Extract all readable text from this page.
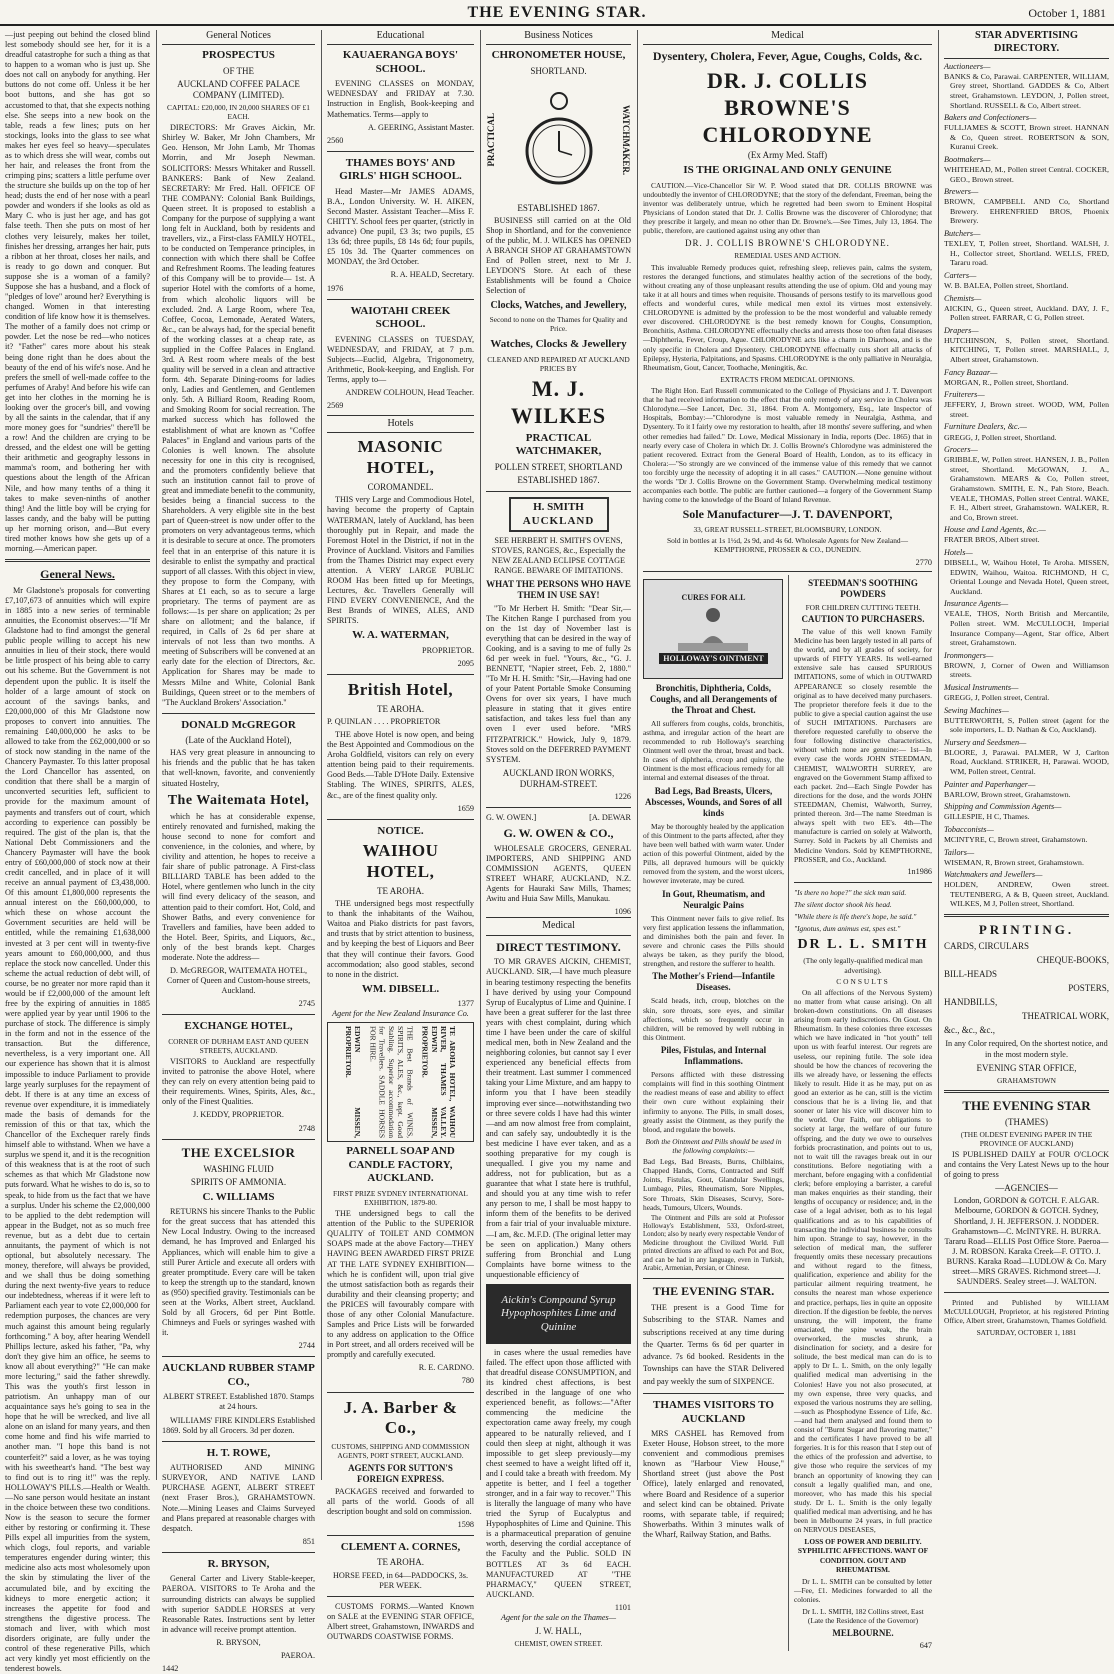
THE EVENING STAR.	October 1, 1881

—just peeping out behind the closed blind lest somebody should see her, for it is a dreadful catastrophe for such a thing as that to happen to a woman who is just up. She does not call on anybody for anything. Her buttons do not come off. Unless it be her boot buttons, and she has got so accustomed to that, that she expects nothing else. She seeps into a new book on the table, reads a few lines; puts on her stockings, looks into the glass to see what makes her eyes feel so heavy—speculates as to which dress she will wear, combs out her hair, and releases the front from the crimping pins; scatters a little perfume over the structure she builds up on the top of her head; dusts the end of her nose with a pearl powder and wonders if she looks as old as Mary C. who is just her age, and has got false teeth. Then she puts on most of her clothes very leisurely, makes her toilet, finishes her dressing, arranges her hair, puts a ribbon at her throat, closes her nails, and is ready to go down and conquer. But suppose she is a woman of a family? Suppose she has a husband, and a flock of "pledges of love" around her? Everything is changed. Women in that interesting condition of life know how it is themselves. The mother of a family does not crimp or powder. Let the nose be red—who notices it? "Father" cares more about his steak being done right than he does about the beauty of the end of his wife's nose. And he prefers the smell of well-made coffee to the perfumes of Araby! And before his wife can get into her clothes in the morning he is looking over the grocer's bill, and vowing by all the saints in the calendar, that if any more money goes for "sundries" there'll be a row! And the children are crying to be dressed, and the eldest one will be getting their arithmetic and geography lessons in mamma's room, and bothering her with questions about the length of the African Nile, and how many tenths of a thing it takes to make seven-ninths of another thing! And the little boy will be crying for lasses candy, and the baby will be putting up her morning orison, and—But every tired mother knows how she gets up of a morning.—American paper.

General News.

Mr Gladstone's proposals for converting £7,107,673 of annuities which will expire in 1885 into a new series of terminable annuities, the Economist observes:—"If Mr Gladstone had to find amongst the general public people willing to accept his new annuities in lieu of their stock, there would be little prospect of his being able to carry out his scheme. But the Government is not dependent upon the public. It is itself the holder of a large amount of stock on account of the savings banks, and £20,000,000 of this Mr Gladstone now proposes to convert into annuities. The remaining £40,000,000 he asks to be allowed to take from the £62,000,000 or so of stock now standing in the name of the Chancery Paymaster. To this latter proposal the Lord Chancellor has assented, on condition that there shall be a margin of unconverted securities left, sufficient to provide for the maximum amount of payments and transfers out of court, which according to experience can possibly be required. The gist of the plan is, that the National Debt Commissioners and the Chancery Paymaster will have the book entry of £60,000,000 of stock now at their credit cancelled, and in place of it will receive an annual payment of £3,438,000. Of this amount £1,800,000 represents the annual interest on the £60,000,000, to which these on whose account the Government securities are held will be entitled, while the remaining £1,638,000 invested at 3 per cent will in twenty-five years amount to £60,000,000, and thus replace the stock now cancelled. Under this scheme the actual reduction of debt will, of course, be no greater nor more rapid than it would be if £2,000,000 of the amount left free by the expiring of annuities in 1885 were applied year by year until 1906 to the purchase of stock. The difference is simply in the form and not in the essence of the transaction. But the difference, nevertheless, is a very important one. All our experience has shown that it is almost impossible to induce Parliament to provide large yearly surpluses for the repayment of debt. If there is at any time an excess of revenue over expenditure, it is immediately made the basis of demands for the remission of this or that tax, which the Chancellor of the Exchequer rarely finds himself able to withstand. When we have a surplus we spend it, and it is the recognition of this weakness that is at the root of such schemes as that which Mr Gladstone now puts forward. What he wishes to do is, so to speak, to hide from us the fact that we have a surplus. Under his scheme the £2,000,000 to be applied to the debt redemption will appear in the Budget, not as so much free revenue, but as a debt due to certain annuitants, the payment of which is not optional, but absolutely necessary. The money, therefore, will always be provided, and we shall thus be doing something during the next twenty-five years to reduce our indebtedness, whereas if it were left to Parliament each year to vote £2,000,000 for redemption purposes, the chances are very much against this amount being regularly forthcoming." A boy, after hearing Wendell Phillips lecture, asked his father, "Pa, why don't they give him an office, he seems to know all about everything?" "He can make more lecturing," said the father shrewdly. This was the youth's first lesson in patriotism. An unhappy man of our acquaintance says he's going to sea in the hope that he will be wrecked, and live all alone on an island for many years, and then come home and find his wife married to another man. "I hope this band is not counterfeit?" said a lover, as he was toying with his sweetheart's hand. "The best way to find out is to ring it!" was the reply. HOLLOWAY'S PILLS.—Health or Wealth.—No sane person would hesitate an instant in the choice between these two conditions. Now is the season to secure the former either by restoring or confirming it. These Pills expel all impurities from the system, which clogs, foul reports, and variable temperatures engender during winter; this medicine also acts most wholesomely upon the skin by stimulating the liver of the accumulated bile, and by exciting the kidneys to more energetic action; it increases the appetite for food and strengthens the digestive process. The stomach and liver, with which most disorders originate, are fully under the control of these regenerative Pills, which act very kindly yet most efficiently on the tenderest bowels.

General Notices
PROSPECTUS
OF THE
AUCKLAND COFFEE PALACE COMPANY (LIMITED).
CAPITAL: £20,000, IN 20,000 SHARES OF £1 EACH.

DIRECTORS: Mr Graves Aickin, Mr. Shirley W. Baker, Mr John Chambers, Mr Geo. Henson, Mr John Lamb, Mr Thomas Morrin, and Mr Joseph Newman. SOLICITORS: Messrs Whitaker and Russell. BANKERS: Bank of New Zealand. SECRETARY: Mr Fred. Hall. OFFICE OF THE COMPANY: Colonial Bank Buildings, Queen street. It is proposed to establish a Company for the purpose of supplying a want long felt in Auckland, both by residents and travellers, viz., a First-class FAMILY HOTEL, to be conducted on Temperance principles, in connection with which there shall be Coffee and Refreshment Rooms. The leading features of this Company will be to provide— 1st. A superior Hotel with the comforts of a home, from which alcoholic liquors will be excluded. 2nd. A Large Room, where Tea, Coffee, Cocoa, Lemonade, Aerated Waters, &c., can be always had, for the special benefit of the working classes at a cheap rate, as supplied in the Coffee Palaces in England. 3rd. A Rest room where meals of the best quality will be served in a clean and attractive form. 4th. Separate Dining-rooms for ladies only, Ladies and Gentlemen, and Gentlemen only. 5th. A Billiard Room, Reading Room, and Smoking Room for social recreation. The marked success which has followed the establishment of what are known as "Coffee Palaces" in England and various parts of the Colonies is well known. The absolute necessity for one in this city is recognised, and the promoters confidently believe that such an institution cannot fail to prove of great and immediate benefit to the community, besides being a financial success to the Shareholders. A very eligible site in the best part of Queen-street is now under offer to the promoters on very advantageous terms, which it is desirable to secure at once. The promoters feel that in an enterprise of this nature it is desirable to enlist the sympathy and practical support of all classes. With this object in view, they propose to form the Company, with Shares at £1 each, so as to secure a large proprietary. The terms of payment are as follows:—1s per share on application; 2s per share on allotment; and the balance, if required, in Calls of 2s 6d per share at intervals of not less than two months. A meeting of Subscribers will be convened at an early date for the election of Directors, &c. Application for Shares may be made to Messrs Milne and White, Colonial Bank Buildings, Queen street or to the members of "The Auckland Brokers' Association."

DONALD McGREGOR
(Late of the Auckland Hotel),

HAS very great pleasure in announcing to his friends and the public that he has taken that well-known, favorite, and conveniently situated Hostelry,

The Waitemata Hotel,

which he has at considerable expense, entirely renovated and furnished, making the house second to none for comfort and convenience, in the colonies, and where, by civility and attention, he hopes to receive a fair share of public patronage. A First-class BILLIARD TABLE has been added to the Hotel, where gentlemen who lunch in the city will find every delicacy of the season, and attention paid to their comfort. Hot, Cold, and Shower Baths, and every convenience for Travellers and families, have been added to the Hotel. Beer, Spirits, and Liquors, &c., only of the best brands kept. Charges moderate. Note the address—

D. McGREGOR, WAITEMATA HOTEL, Corner of Queen and Custom-house streets, Auckland.

2745
EXCHANGE HOTEL,
CORNER OF DURHAM EAST AND QUEEN STREETS, AUCKLAND.

VISITORS to Auckland are respectfully invited to patronise the above Hotel, where they can rely on every attention being paid to their requirements. Wines, Spirits, Ales, &c., only of the Finest Qualities.

J. KEDDY, PROPRIETOR.

2748
THE EXCELSIOR
WASHING FLUID
SPIRITS OF AMMONIA.
C. WILLIAMS

RETURNS his sincere Thanks to the Public for the great success that has attended this New Local Industry. Owing to the increased demand, he has Improved and Enlarged his Appliances, which will enable him to give a still Purer Article and execute all orders with greater promptitude. Every care will be taken to keep the strength up to the standard, known as (950) specified gravity. Testimonials can be seen at the Works, Albert street, Auckland. Sold by all Grocers, 6d per Pint Bottle. Chimneys and Fuels or syringes washed with it.

2744
AUCKLAND RUBBER STAMP CO.,

ALBERT STREET. Established 1870. Stamps at 24 hours.

WILLIAMS' FIRE KINDLERS Established 1869. Sold by all Grocers. 3d per dozen.

H. T. ROWE,

AUTHORISED AND MINING SURVEYOR, AND NATIVE LAND PURCHASE AGENT, ALBERT STREET (next Fraser Bros.), GRAHAMSTOWN. Note.—Mining Leases and Claims Surveyed and Plans prepared at reasonable charges with despatch.

851
R. BRYSON,

General Carter and Livery Stable-keeper, PAEROA. VISITORS to Te Aroha and the surrounding districts can always be supplied with superior SADDLE HORSES at very Reasonable Rates. Instructions sent by letter in advance will receive prompt attention.

R. BRYSON,

PAEROA.

1442
Educational
KAUAERANGA BOYS' SCHOOL.

EVENING CLASSES on MONDAY, WEDNESDAY and FRIDAY at 7.30. Instruction in English, Book-keeping and Mathematics. Terms—apply to

A. GEERING, Assistant Master.

2560
THAMES BOYS' AND GIRLS' HIGH SCHOOL.

Head Master—Mr JAMES ADAMS, B.A., London University. W. H. AIKEN, Second Master. Assistant Teacher—Miss F. CHITTY. School fees per quarter, (strictly in advance) One pupil, £3 3s; two pupils, £5 13s 6d; three pupils, £8 14s 6d; four pupils, £5 10s 3d. The Quarter commences on MONDAY, the 3rd October.

R. A. HEALD, Secretary.

1976
WAIOTAHI CREEK SCHOOL.

EVENING CLASSES on TUESDAY, WEDNESDAY, and FRIDAY, at 7 p.m. Subjects—Euclid, Algebra, Trigonometry, Arithmetic, Book-keeping, and English. For Terms, apply to—

ANDREW COLHOUN, Head Teacher.

2569
Hotels
MASONIC HOTEL,
COROMANDEL.

THIS very Large and Commodious Hotel, having become the property of Captain WATERMAN, lately of Auckland, has been thoroughly put in Repair, and made the Foremost Hotel in the District, if not in the Province of Auckland. Visitors and Families from the Thames District may expect every attention. A VERY LARGE PUBLIC ROOM Has been fitted up for Meetings, Lectures, &c. Travellers Generally will FIND EVERY CONVENIENCE, And the Best Brands of WINES, ALES, AND SPIRITS.

W. A. WATERMAN,

PROPRIETOR.

2095
British Hotel,
TE AROHA.

P. QUINLAN . . . . PROPRIETOR

THE above Hotel is now open, and being the Best Appointed and Commodious on the Aroha Goldfield, visitors can rely on every attention being paid to their requirements. Good Beds.—Table D'Hote Daily. Extensive Stabling. The WINES, SPIRITS, ALES, &c., are of the finest quality only.

1659
NOTICE.
WAIHOU HOTEL,
TE AROHA.

THE undersigned begs most respectfully to thank the inhabitants of the Waihou, Waitoa and Piako districts for past favors, and trusts that by strict attention to business, and by keeping the best of Liquors and Beer that they will continue their favors. Good accommodation; also good stables, second to none in the district.

WM. DIBSELL.
1377

Agent for the New Zealand Insurance Co.

EDWIN MISSEN, PROPRIETOR.	THE Best Brands of WINES, SPIRITS, ALES, &c., kept. Good Stabling. Superior accommodation for Travellers. SADDLE HORSES FOR HIRE.	TE AROHA HOTEL, WAIHOU RIVER, THAMES VALLEY. EDWIN MISSEN, PROPRIETOR.
PARNELL SOAP AND CANDLE FACTORY, AUCKLAND.
FIRST PRIZE SYDNEY INTERNATIONAL EXHIBITION, 1879-80.

THE undersigned begs to call the attention of the Public to the SUPERIOR QUALITY of TOILET AND COMMON SOAPS made at the above Factory—THEY HAVING BEEN AWARDED FIRST PRIZE AT THE LATE SYDNEY EXHIBITION—which he is confident will, upon trial give the utmost satisfaction both as regards their durability and their cleansing property; and the PRICES will favourably compare with those of any other Colonial Manufacture. Samples and Price Lists will be forwarded to any address on application to the Office in Port street, and all orders received will be promptly and carefully executed.

R. E. CARDNO.

780
J. A. Barber & Co.,
CUSTOMS, SHIPPING AND COMMISSION AGENTS, PORT STREET, AUCKLAND.
AGENTS FOR SUTTON'S FOREIGN EXPRESS.

PACKAGES received and forwarded to all parts of the world. Goods of all description bought and sold on commission.

1598
CLEMENT A. CORNES,
TE AROHA.

HORSE FEED, in 64—PADDOCKS, 3s. PER WEEK.

CUSTOMS FORMS.—Wanted Known on SALE at the EVENING STAR OFFICE, Albert street, Grahamstown, INWARDS and OUTWARDS COASTWISE FORMS.

Business Notices
CHRONOMETER HOUSE,
SHORTLAND.
PRACTICAL	WATCHMAKER.
ESTABLISHED 1867.

BUSINESS still carried on at the Old Shop in Shortland, and for the convenience of the public, M. J. WILKES has OPENED A BRANCH SHOP AT GRAHAMSTOWN End of Pollen street, next to Mr J. LEYDON'S Store. At each of these Establishments will be found a Choice Selection of

Clocks, Watches, and Jewellery,
Second to none on the Thames for Quality and Price.
Watches, Clocks & Jewellery
CLEANED AND REPAIRED AT AUCKLAND PRICES BY
M. J. WILKES
PRACTICAL WATCHMAKER,
POLLEN STREET, SHORTLAND
ESTABLISHED 1867.
H. SMITH
AUCKLAND

SEE HERBERT H. SMITH'S OVENS, STOVES, RANGES, &c., Especially the NEW ZEALAND ECLIPSE COTTAGE RANGE. BEWARE OF IMITATIONS.

WHAT THE PERSONS WHO HAVE THEM IN USE SAY!

"To Mr Herbert H. Smith: "Dear Sir,—The Kitchen Range I purchased from you on the 1st day of November last is everything that can be desired in the way of Cooking, and is a saving to me of fully 2s 6d per week in fuel. "Yours, &c., "G. J. BENNETT, "Napier street, Feb. 2, 1880." "To Mr H. H. Smith: "Sir,—Having had one of your Patent Portable Smoke Consuming Ovens for over six years, I have much pleasure in stating that it gives entire satisfaction, and takes less fuel than any oven I ever used before. "MRS FITZPATRICK." Howick, July 9, 1879. Stoves sold on the DEFERRED PAYMENT SYSTEM.

AUCKLAND IRON WORKS, DURHAM-STREET.
1226
G. W. OWEN.]	[A. DEWAR
G. W. OWEN & CO.,

WHOLESALE GROCERS, GENERAL IMPORTERS, AND SHIPPING AND COMMISSION AGENTS, QUEEN STREET WHARF, AUCKLAND, N.Z. Agents for Hauraki Saw Mills, Thames; Awitu and Huia Saw Mills, Manukau.

1096
Medical
DIRECT TESTIMONY.

TO MR GRAVES AICKIN, CHEMIST, AUCKLAND. SIR,—I have much pleasure in bearing testimony respecting the benefits I have derived by using your Compound Syrup of Eucalyptus of Lime and Quinine. I have been a great sufferer for the last three years with chest complaint, during which time I have been under the care of skilful medical men, both in New Zealand and the neighboring colonies, but cannot say I ever experienced any beneficial effects from their treatment. Last summer I commenced taking your Lime Mixture, and am happy to inform you that I have been steadily improving ever since—notwithstanding two or three severe colds I have had this winter—and am now almost free from complaint, and can safely say, undoubtedly it is the best medicine I have ever taken, and as a soothing preparative for my cough is unequalled. I give you my name and address, not for publication, but as a guarantee that what I state here is truthful, and should you at any time wish to refer any person to me, I shall be most happy to inform them of the benefits to be derived from a fair trial of your invaluable mixture.—I am, &c. M.F.D. (The original letter may be seen on application.) Many others suffering from Bronchial and Lung Complaints have borne witness to the unquestionable efficiency of

Aickin's Compound Syrup Hypophosphites Lime and Quinine

in cases where the usual remedies have failed. The effect upon those afflicted with that dreadful disease CONSUMPTION, and its kindred chest affections, is best described in the language of one who experienced benefit, as follows:—"After commencing the medicine the expectoration came away freely, my cough appeared to be naturally relieved, and I could then sleep at night, although it was impossible to get sleep previously—my chest seemed to have a weight lifted off it, and I could take a breath with freedom. My appetite is better, and I feel a together stronger, and in a fair way to recover." This is literally the language of many who have tried the Syrup of Eucalyptus and Hypophosphites of Lime and Quinine. This is a pharmaceutical preparation of genuine worth, deserving the cordial acceptance of the Faculty and the Public. SOLD IN BOTTLES AT 3s 6d EACH. MANUFACTURED AT "THE PHARMACY," QUEEN STREET, AUCKLAND.

1101

Agent for the sale on the Thames—

J. W. HALL,
CHEMIST, OWEN STREET.
Medical
Dysentery, Cholera, Fever, Ague, Coughs, Colds, &c.
DR. J. COLLIS BROWNE'S CHLORODYNE
(Ex Army Med. Staff)
IS THE ORIGINAL AND ONLY GENUINE

CAUTION.—Vice-Chancellor Sir W. P. Wood stated that DR. COLLIS BROWNE was undoubtedly the inventor of CHLORODYNE; that the story of the defendant, Freeman, being the inventor was deliberately untrue, which he regretted had been sworn to Eminent Hospital Physicians of London stated that Dr. J. Collis Browne was the discoverer of Chlorodyne; that they prescribe it largely, and mean no other than Dr. Browne's.—See Times, July 13, 1864. The public, therefore, are cautioned against using any other than

DR. J. COLLIS BROWNE'S CHLORODYNE.
REMEDIAL USES AND ACTION.

This invaluable Remedy produces quiet, refreshing sleep, relieves pain, calms the system, restores the deranged functions, and stimulates healthy action of the secretions of the body, without creating any of those unpleasant results attending the use of opium. Old and young may take it at all hours and times when requisite. Thousands of persons testify to its marvellous good effects and wonderful cures, while medical men extol its virtues most extensively. CHLORODYNE is admitted by the profession to be the most wonderful and valuable remedy ever discovered. CHLORODYNE is the best remedy known for Coughs, Consumption, Bronchitis, Asthma. CHLORODYNE effectually checks and arrests those too often fatal diseases—Diphtheria, Fever, Croup, Ague. CHLORODYNE acts like a charm in Diarrhoea, and is the only specific in Cholera and Dysentery. CHLORODYNE effectually cuts short all attacks of Epilepsy, Hysteria, Palpitations, and Spasms. CHLORODYNE is the only palliative in Neuralgia, Rheumatism, Gout, Cancer, Toothache, Meningitis, &c.

EXTRACTS FROM MEDICAL OPINIONS.

The Right Hon. Earl Russell communicated to the College of Physicians and J. T. Davenport that he had received information to the effect that the only remedy of any service in Cholera was Chlorodyne.—See Lancet, Dec. 31, 1864. From A. Montgomery, Esq., late Inspector of Hospitals, Bombay:—"Chlorodyne is most valuable remedy in Neuralgia, Asthma, and Dysentery. To it I fairly owe my restoration to health, after 18 months' severe suffering, and when other remedies had failed." Dr. Lowe, Medical Missionary in India, reports (Dec. 1865) that in nearly every case of Cholera in which Dr. J. Collis Browne's Chlorodyne was administered the patient recovered. Extract from the General Board of Health, London, as to its efficacy in Cholera:—"So strongly are we convinced of the immense value of this remedy that we cannot too forcibly urge the necessity of adopting it in all cases." CAUTION.—None genuine without the words "Dr J. Collis Browne on the Government Stamp. Overwhelming medical testimony accompanies each bottle. The public are further cautioned—a forgery of the Government Stamp having come to the knowledge of the Board of Inland Revenue.

Sole Manufacturer—J. T. DAVENPORT,
33, GREAT RUSSELL-STREET, BLOOMSBURY, LONDON.

Sold in bottles at 1s 1½d, 2s 9d, and 4s 6d. Wholesale Agents for New Zealand—KEMPTHORNE, PROSSER & CO., DUNEDIN.

2770
CURES FOR ALL
HOLLOWAY'S OINTMENT
Bronchitis, Diphtheria, Colds, Coughs, and all Derangements of the Throat and Chest.

All sufferers from coughs, colds, bronchitis, asthma, and irregular action of the heart are recommended to rub Holloway's searching Ointment well over the throat, breast and back. In cases of diphtheria, croup and quinsy, the Ointment is the most efficacious remedy for all internal and external diseases of the throat.

Bad Legs, Bad Breasts, Ulcers, Abscesses, Wounds, and Sores of all kinds

May be thoroughly healed by the application of this Ointment to the parts affected, after they have been well bathed with warm water. Under action of this powerful Ointment, aided by the Pills, all depraved humours will be quickly removed from the system, and the worst ulcers, however inveterate, may be cured.

In Gout, Rheumatism, and Neuralgic Pains

This Ointment never fails to give relief. Its very first application lessens the inflammation, and diminishes both the pain and fever. In severe and chronic cases the Pills should always be taken, as they purify the blood, strengthen, and restore the sufferer to health.

The Mother's Friend—Infantile Diseases.

Scald heads, itch, croup, blotches on the skin, sore throats, sore eyes, and similar affections, which so frequently occur in children, will be removed by well rubbing in this Ointment.

Piles, Fistulas, and Internal Inflammations.

Persons afflicted with these distressing complaints will find in this soothing Ointment the readiest means of ease and ability to effect their own cure without explaining their infirmity to anyone. The Pills, in small doses, greatly assist the Ointment, as they purify the blood, and regulate the bowels.

Both the Ointment and Pills should be used in the following complaints:—

Bad Legs, Bad Breasts, Burns, Chilblains, Chapped Hands, Corns, Contracted and Stiff Joints, Fistulas, Gout, Glandular Swellings, Lumbago, Piles, Rheumatism, Sore Nipples, Sore Throats, Skin Diseases, Scurvy, Sore-heads, Tumours, Ulcers, Wounds.

The Ointment and Pills are sold at Professor Holloway's Establishment, 533, Oxford-street, London; also by nearly every respectable Vendor of Medicine throughout the Civilized World. Full printed directions are affixed to each Pot and Box, and can be had in any language, even in Turkish, Arabic, Armenian, Persian, or Chinese.

THE EVENING STAR.

THE present is a Good Time for Subscribing to the STAR. Names and subscriptions received at any time during the Quarter. Terms 6s 6d per quarter in advance. 7s 6d booked. Residents in the Townships can have the STAR Delivered and pay weekly the sum of SIXPENCE.

THAMES VISITORS TO AUCKLAND

MRS CASHEL has Removed from Exeter House, Hobson street, to the more convenient and commodious premises known as "Harbour View House," Shortland street (just above the Post Office), lately enlarged and renovated, where Board and Residence of a superior and select kind can be obtained. Private rooms, with separate table, if required; Showerbaths. Within 3 minutes walk of the Wharf, Railway Station, and Baths.

STEEDMAN'S SOOTHING POWDERS
FOR CHILDREN CUTTING TEETH.
CAUTION TO PURCHASERS.

The value of this well known Family Medicine has been largely tested in all parts of the world, and by all grades of society, for upwards of FIFTY YEARS. Its well-earned extensive sale has caused SPURIOUS IMITATIONS, some of which in OUTWARD APPEARANCE so closely resemble the original as to have deceived many purchasers. The proprietor therefore feels it due to the public to give a special caution against the use of SUCH IMITATIONS. Purchasers are therefore requested carefully to observe the four following distinctive characteristics, without which none are genuine:— 1st—In every case the words JOHN STEEDMAN, CHEMIST, WALWORTH SURREY, are engraved on the Government Stamp affixed to each packet. 2nd—Each Single Powder has directions for the dose, and the words JOHN STEEDMAN, Chemist, Walworth, Surrey, printed thereon. 3rd—The name Steedman is always spelt with two EE's. 4th—The manufacture is carried on solely at Walworth, Surrey. Sold in Packets by all Chemists and Medicine Vendors. Sold by KEMPTHORNE, PROSSER, and Co., Auckland.

1n1986

"Is there no hope?" the sick man said.

The silent doctor shook his head.

"While there is life there's hope, he said."

"Ignotus, dum animus est, spes est."

DR L. L. SMITH
(The only legally-qualified medical man advertising).
CONSULTS

On all affections of the Nervous System) no matter from what cause arising). On all broken-down constitutions. On all diseases arising from early indiscretions. On Gout. On Rheumatism. In these colonies three excesses which we have indicated in "hot youth" tell upon us with fearful interest. Our regrets are useless, our repining futile. The sole idea should be how the chances of recovering the ills we already have, or lessening the effects likely to result. Hide it as he may, put on as good an exterior as he can, still is the victim conscious that he is a living lie, and that sooner or later his vice will discover him to the world. Our Faith, our obligations to society at large, the welfare of our future offspring, and the duty we owe to ourselves forbids procrastination, and points out to us, not to wait till the ravages break out in our constitutions. Before negotiating with a merchant, before engaging with a confidential clerk; before employing a barrister, a careful man makes enquiries as their standing, their lengths of occupancy or residence; and, in the case of a legal adviser, both as to his legal qualifications and as to his capabilities of transacting the individual business he consults him upon. Strange to say, however, in the selection of medical man, the sufferer frequently omits these necessary precautions and without regard to the fitness, qualification, experience and ability for the particular ailment requiring treatment, he consults the nearest man whose experience and practice, perhaps, lies in quite an opposite direction. If the digestion be feeble, the nerves unstrung, the will impotent, the frame emaciated, the spine weak, the brain overworked, the muscles shrunk, a disinclination for society, and a desire for solitude, the best medical man can do is to apply to Dr L. L. Smith, on the only legally qualified medical man advertising in the Colonies! Have you not also prosecuted, at my own expense, three very quacks, and exposed the various nostrums they are selling,—such as Phosphodyne Essence of Life, &c.—and had them analysed and found them to consist of "Burnt Sugar and flavoring matter," and the certificates I have proved to be all forgeries. It is for this reason that I step out of the ethics of the profession and advertise, to give those who require the services of my branch an opportunity of knowing they can consult a legally qualified man, and one, moreover, who has made this his special study. Dr L. L. Smith is the only legally qualified medical man advertising, and he has been in Melbourne 24 years, in full practice on NERVOUS DISEASES,

LOSS OF POWER AND DEBILITY. SYPHILITIC AFFECTIONS. WANT OF CONDITION. GOUT AND RHEUMATISM.

Dr L. L. SMITH can be consulted by letter—Fee, £1. Medicines forwarded to all the colonies.

Dr L. L. SMITH, 182 Collins street, East (Late the Residence of the Governor)

MELBOURNE.
647
STAR ADVERTISING DIRECTORY.
Auctioneers—
BANKS & Co, Parawai. CARPENTER, WILLIAM, Grey street, Shortland. GADDES & Co, Albert street, Grahamstown. LEYDON, J, Pollen street, Shortland. RUSSELL & Co, Albert street.
Bakers and Confectioners—
FULLJAMES & SCOTT, Brown street. HANNAN & Co, Queen street. ROBERTSON & SON, Kuranui Creek.
Bootmakers—
WHITEHEAD, M., Pollen street Central. COCKER, GEO., Brown street.
Brewers—
BROWN, CAMPBELL AND Co, Shortland Brewery. EHRENFRIED BROS, Phoenix Brewery.
Butchers—
TEXLEY, T, Pollen street, Shortland. WALSH, J. H., Collector street, Shortland. WELLS, FRED, Tararu road.
Carters—
W. B. BALEA, Pollen street, Shortland.
Chemists—
AICKIN, G., Queen street, Auckland. DAY, J. F., Pollen street. FARRAR, C G, Pollen street.
Drapers—
HUTCHINSON, S, Pollen street, Shortland. KITCHING, T, Pollen street. MARSHALL, J, Albert street, Grahamstown.
Fancy Bazaar—
MORGAN, R., Pollen street, Shortland.
Fruiterers—
JEFFERY, J, Brown street. WOOD, WM, Pollen street.
Furniture Dealers, &c.—
GREGG, J, Pollen street, Shortland.
Grocers—
GRIBBLE, W, Pollen street. HANSEN, J. B., Pollen street, Shortland. McGOWAN, J. A., Grahamstown. MEARS & Co, Pollen street, Grahamstown. SMITH, E. N., Pah Store, Beach. VEALE, THOMAS, Pollen street Central. WAKE, F. H., Albert street, Grahamstown. WALKER, R. and Co, Brown street.
House and Land Agents, &c.—
FRATER BROS, Albert street.
Hotels—
DIBSELL, W, Waihou Hotel, Te Aroha. MISSEN, EDWIN, Waihou, Waitoa. RICHMOND, H C, Oriental Lounge and Nevada Hotel, Queen street, Auckland.
Insurance Agents—
VEALE, THOS, North British and Mercantile, Pollen street. WM. McCULLOCH, Imperial Insurance Company—Agent, Star office, Albert street, Grahamstown.
Ironmongers—
BROWN, J, Corner of Owen and Williamson streets.
Musical Instruments—
GREGG, J, Pollen street, Central.
Sewing Machines—
BUTTERWORTH, S, Pollen street (agent for the sole importers, L. D. Nathan & Co, Auckland).
Nursery and Seedsmen—
BLOORE, J, Parawai. PALMER, W J, Carlton Road, Auckland. STRIKER, H, Parawai. WOOD, WM, Pollen street, Central.
Painter and Paperhanger—
BARLOW, Brown street, Grahamstown.
Shipping and Commission Agents—
GILLESPIE, H C, Thames.
Tobacconists—
MCINTYRE, C, Brown street, Grahamstown.
Tailors—
WISEMAN, R, Brown street, Grahamstown.
Watchmakers and Jewellers—
HOLDEN, ANDREW, Owen street. TEUTENBERG, A & B, Queen street, Auckland. WILKES, M J, Pollen street, Shortland.
PRINTING.
CARDS, CIRCULARS
CHEQUE-BOOKS,
BILL-HEADS
POSTERS,
HANDBILLS,
THEATRICAL WORK,
&c., &c., &c.,

In any Color required, On the shortest notice, and in the most modern style.

EVENING STAR OFFICE,
GRAHAMSTOWN
THE EVENING STAR
(THAMES)
(THE OLDEST EVENING PAPER IN THE PROVINCE OF AUCKLAND)

IS PUBLISHED DAILY at FOUR O'CLOCK and contains the Very Latest News up to the hour of going to press

—AGENCIES—

London, GORDON & GOTCH. F. ALGAR. Melbourne, GORDON & GOTCH. Sydney, Shortland, J. H. JEFFERSON. J. NODDER. Grahamstown—C. McINTYRE. H. BURRA. Tararu Road—ELLIS Post Office Store. Paeroa—J. M. ROBSON. Karaka Creek—F. OTTO. J. BURNS. Karaka Road—LUDLOW & Co. Mary street—MRS GRAVES. Richmond street—J. SAUNDERS. Sealey street—J. WALTON.

Printed and Published by WILLIAM McCULLOUGH, Proprietor, at his registered Printing Office, Albert street, Grahamstown, Thames Goldfield.

SATURDAY, OCTOBER 1, 1881
